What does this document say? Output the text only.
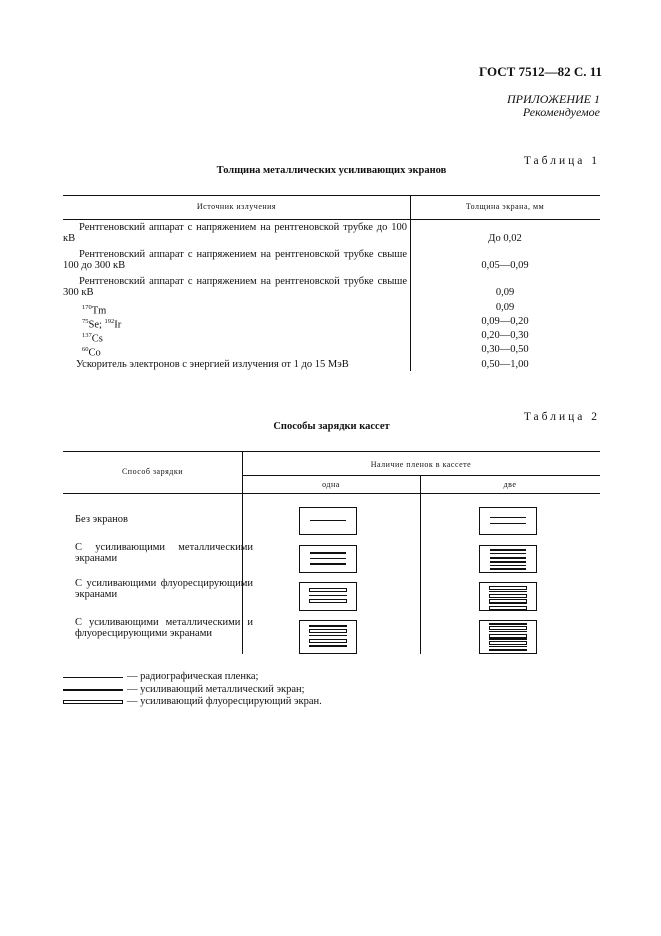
ГОСТ 7512—82 С. 11
ПРИЛОЖЕНИЕ 1
Рекомендуемое
Таблица 1
Толщина металлических усиливающих экранов
Источник излучения	Толщина экрана, мм
Рентгеновский аппарат с напряжением на рентгеновской трубке до 100 кВ	До 0,02
Рентгеновский аппарат с напряжением на рентгеновской трубке свыше 100 до 300 кВ	0,05—0,09
Рентгеновский аппарат с напряжением на рентгеновской трубке свыше 300 кВ	0,09
$^{170}$Tm	0,09
$^{75}$Se; $^{192}$Ir	0,09—0,20
$^{137}$Cs	0,20—0,30
$^{60}$Co	0,30—0,50
Ускоритель электронов с энергией излучения от 1 до 15 МэВ	0,50—1,00
Таблица 2
Способы зарядки кассет
Способ зарядки
Наличие пленок в кассете
одна	две
Без экранов
С усиливающими металлическими экранами
С усиливающими флуоресцирующими экранами
С усиливающими металлическими и флуоресцирующими экранами
— радиографическая пленка;
— усиливающий металлический экран;
— усиливающий флуоресцирующий экран.
